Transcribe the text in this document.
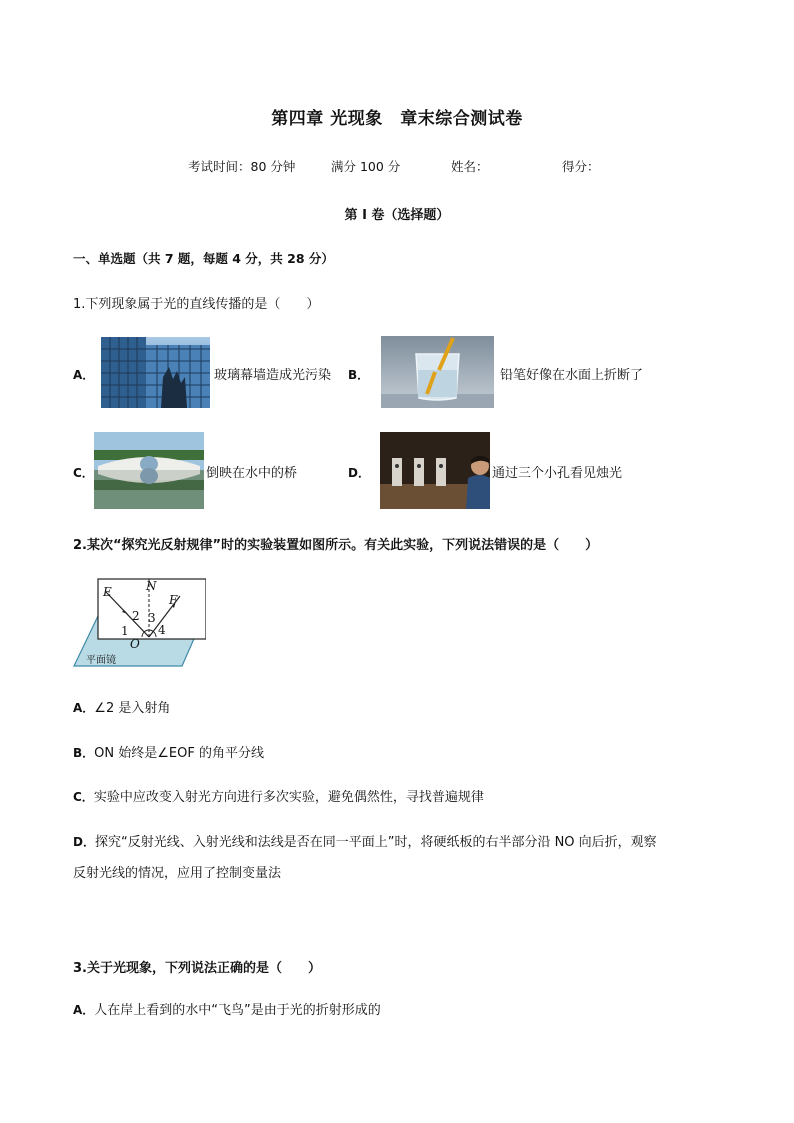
第四章 光现象　章末综合测试卷
考试时间：80 分钟	满分 100 分	姓名：	得分：
第 I 卷（选择题）
一、单选题（共 7 题，每题 4 分，共 28 分）
1.下列现象属于光的直线传播的是（　　）
A．	玻璃幕墙造成光污染 B．	铅笔好像在水面上折断了
C．	倒映在水中的桥	D．	通过三个小孔看见烛光
2.某次“探究光反射规律”时的实验装置如图所示。有关此实验，下列说法错误的是（　　）
E	N
F
O
1
2 3
4
平面镜
A．∠2 是入射角
B．ON 始终是∠EOF 的角平分线
C．实验中应改变入射光方向进行多次实验，避免偶然性，寻找普遍规律
D．探究“反射光线、入射光线和法线是否在同一平面上”时，将硬纸板的右半部分沿 NO 向后折，观察
反射光线的情况，应用了控制变量法
3.关于光现象，下列说法正确的是（　　）
A．人在岸上看到的水中“飞鸟”是由于光的折射形成的
